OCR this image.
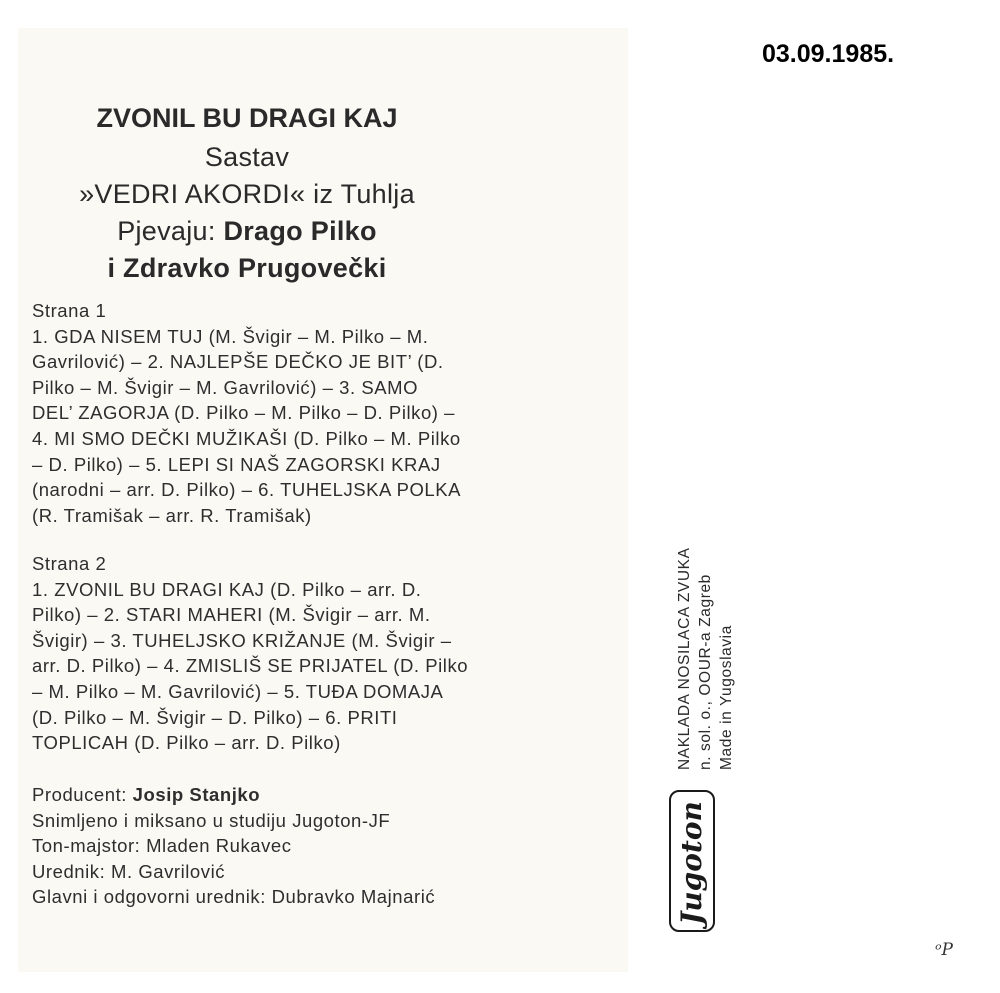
03.09.1985.
ZVONIL BU DRAGI KAJ
Sastav
»VEDRI AKORDI« iz Tuhlja
Pjevaju: Drago Pilko
i Zdravko Prugovečki
Strana 1
1. GDA NISEM TUJ (M. Švigir – M. Pilko – M.
Gavrilović) – 2. NAJLEPŠE DEČKO JE BIT’ (D.
Pilko – M. Švigir – M. Gavrilović) – 3. SAMO
DEL’ ZAGORJA (D. Pilko – M. Pilko – D. Pilko) –
4. MI SMO DEČKI MUŽIKAŠI (D. Pilko – M. Pilko
– D. Pilko) – 5. LEPI SI NAŠ ZAGORSKI KRAJ
(narodni – arr. D. Pilko) – 6. TUHELJSKA POLKA
(R. Tramišak – arr. R. Tramišak)
Strana 2
1. ZVONIL BU DRAGI KAJ (D. Pilko – arr. D.
Pilko) – 2. STARI MAHERI (M. Švigir – arr. M.
Švigir) – 3. TUHELJSKO KRIŽANJE (M. Švigir –
arr. D. Pilko) – 4. ZMISLIŠ SE PRIJATEL (D. Pilko
– M. Pilko – M. Gavrilović) – 5. TUĐA DOMAJA
(D. Pilko – M. Švigir – D. Pilko) – 6. PRITI
TOPLICAH (D. Pilko – arr. D. Pilko)
Producent: Josip Stanjko
Snimljeno i miksano u studiju Jugoton-JF
Ton-majstor: Mladen Rukavec
Urednik: M. Gavrilović
Glavni i odgovorni urednik: Dubravko Majnarić
NAKLADA NOSILACA ZVUKA n. sol. o., OOUR-a Zagreb Made in Yugoslavia
Jugoton
ᵒP
